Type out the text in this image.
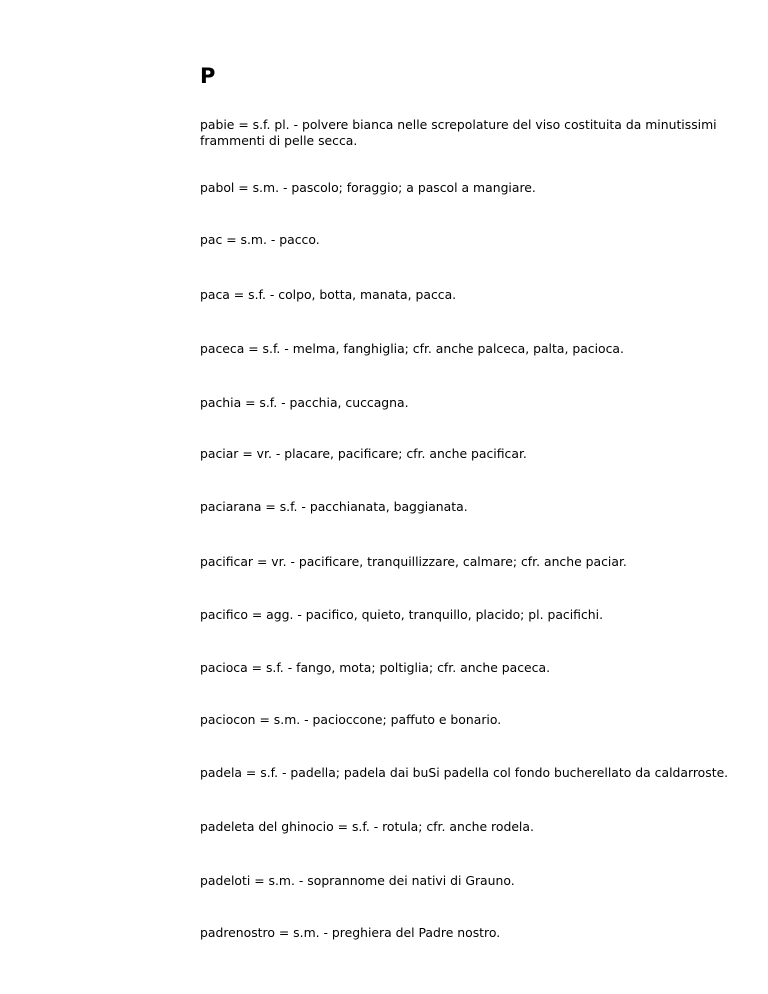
P

pabie = s.f. pl. - polvere bianca nelle screpolature del viso costituita da minutissimi frammenti di pelle secca.

pabol = s.m. - pascolo; foraggio; a pascol a mangiare.

pac = s.m. - pacco.

paca = s.f. - colpo, botta, manata, pacca.

paceca = s.f. - melma, fanghiglia; cfr. anche palceca, palta, pacioca.

pachia = s.f. - pacchia, cuccagna.

paciar = vr. - placare, pacificare; cfr. anche pacificar.

paciarana = s.f. - pacchianata, baggianata.

pacificar = vr. - pacificare, tranquillizzare, calmare; cfr. anche paciar.

pacifico = agg. - pacifico, quieto, tranquillo, placido; pl. pacifichi.

pacioca = s.f. - fango, mota; poltiglia; cfr. anche paceca.

paciocon = s.m. - pacioccone; paffuto e bonario.

padela = s.f. - padella; padela dai buSi padella col fondo bucherellato da caldarroste.

padeleta del ghinocio = s.f. - rotula; cfr. anche rodela.

padeloti = s.m. - soprannome dei nativi di Grauno.

padrenostro = s.m. - preghiera del Padre nostro.
